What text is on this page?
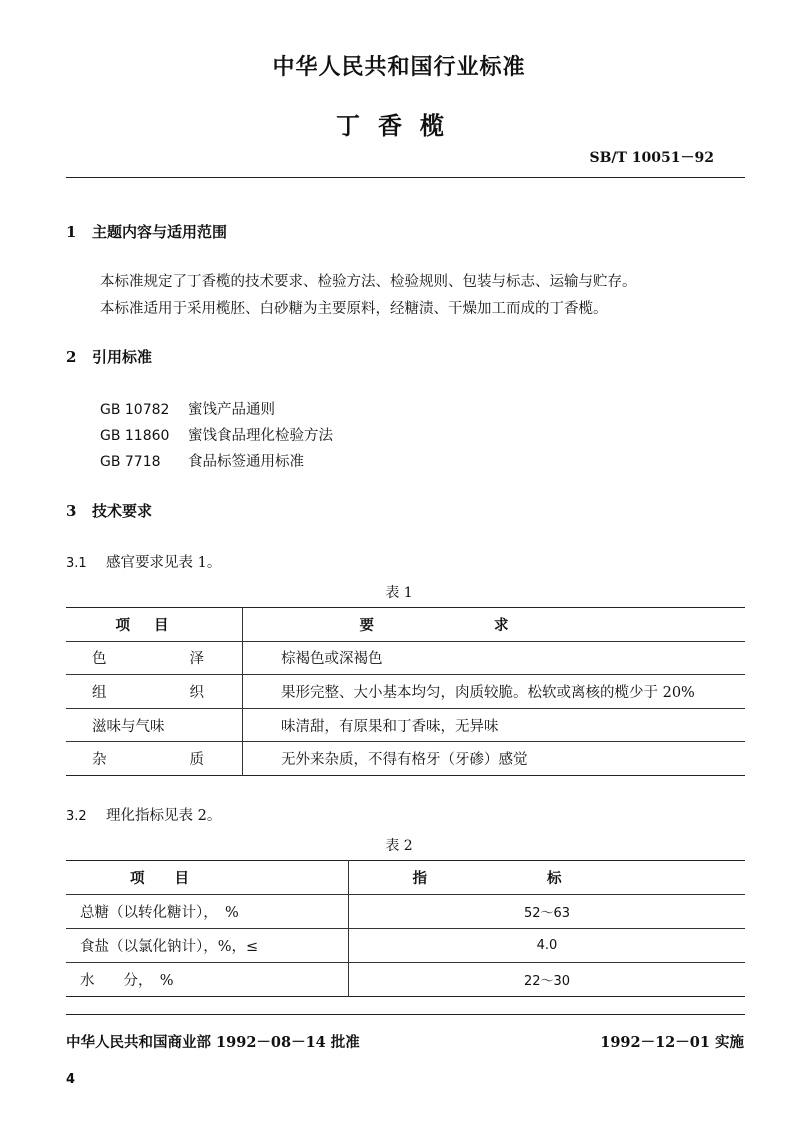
中华人民共和国行业标准
丁香榄
SB/T 10051－92
1 主题内容与适用范围
本标准规定了丁香榄的技术要求、检验方法、检验规则、包装与标志、运输与贮存。
本标准适用于采用榄胚、白砂糖为主要原料，经糖渍、干燥加工而成的丁香榄。
2 引用标准
GB 10782 蜜饯产品通则
GB 11860 蜜饯食品理化检验方法
GB 7718 食品标签通用标准
3 技术要求
3.1 感官要求见表 1。
表 1
项目	要求

色 泽	棕褐色或深褐色

组 织	果形完整、大小基本均匀，肉质较脆。松软或离核的榄少于 20%
滋味与气味	味清甜，有原果和丁香味，无异味

杂 质	无外来杂质，不得有格牙（牙碜）感觉
3.2 理化指标见表 2。
表 2
项目	指标
总糖（以转化糖计），　%	52～63
食盐（以氯化钠计），%，≤	4.0
水　　分，　%	22～30
中华人民共和国商业部 1992－08－14 批准	1992－12－01 实施
4
